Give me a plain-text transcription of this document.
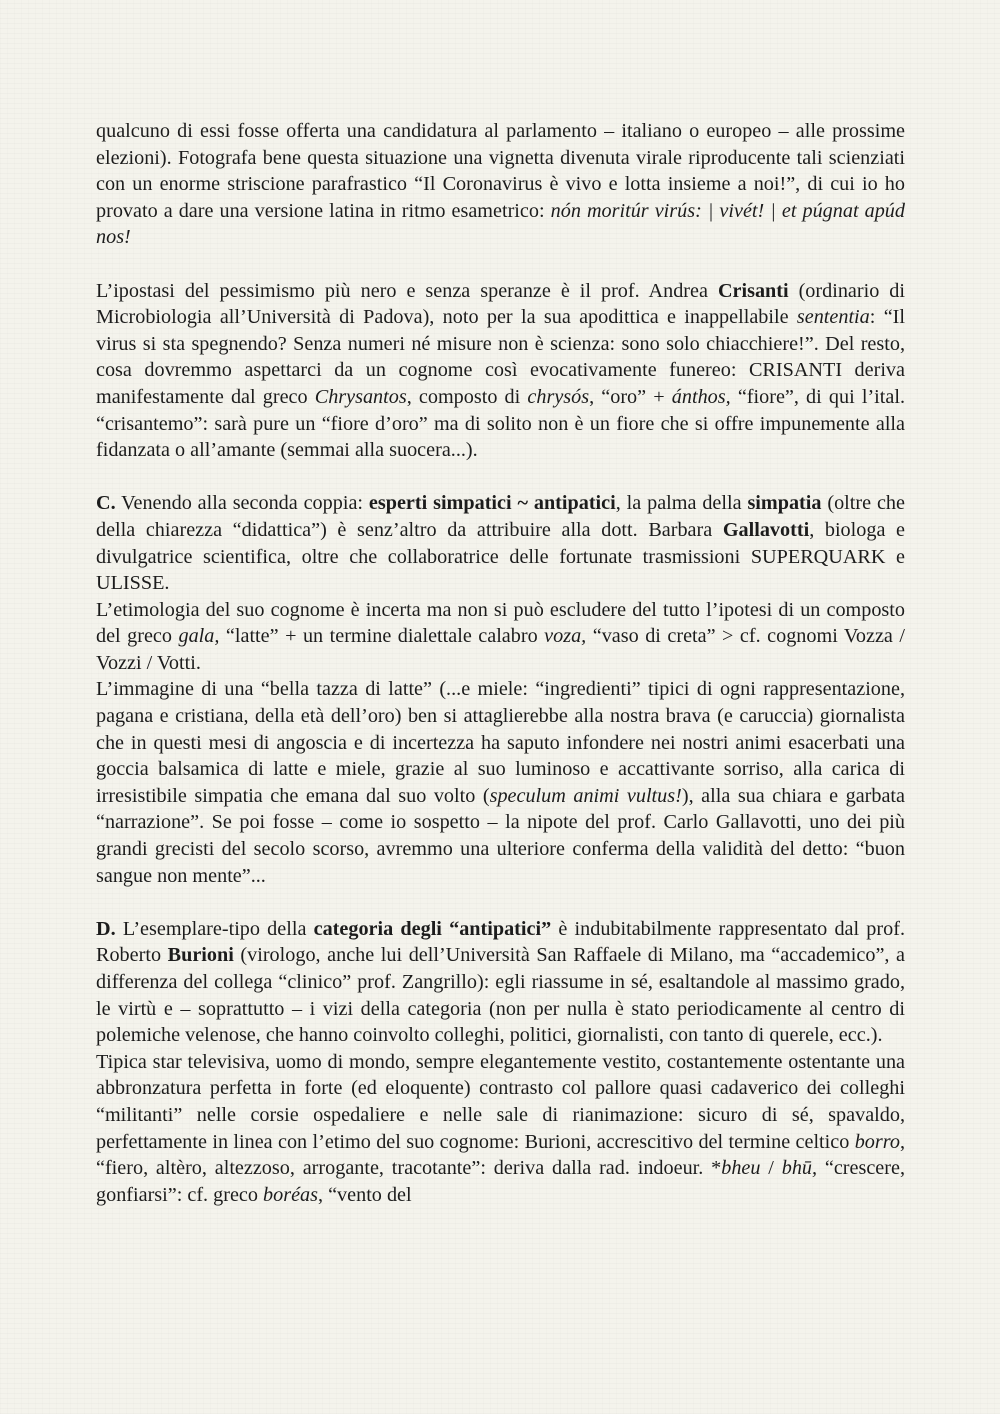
qualcuno di essi fosse offerta una candidatura al parlamento – italiano o europeo – alle prossime elezioni). Fotografa bene questa situazione una vignetta divenuta virale riproducente tali scienziati con un enorme striscione parafrastico “Il Coronavirus è vivo e lotta insieme a noi!”, di cui io ho provato a dare una versione latina in ritmo esametrico: nón moritúr virús: | vivét! | et púgnat apúd nos!

L’ipostasi del pessimismo più nero e senza speranze è il prof. Andrea Crisanti (ordinario di Microbiologia all’Università di Padova), noto per la sua apodittica e inappellabile sententia: “Il virus si sta spegnendo? Senza numeri né misure non è scienza: sono solo chiacchiere!”. Del resto, cosa dovremmo aspettarci da un cognome così evocativamente funereo: CRISANTI deriva manifestamente dal greco Chrysantos, composto di chrysós, “oro” + ánthos, “fiore”, di qui l’ital. “crisantemo”: sarà pure un “fiore d’oro” ma di solito non è un fiore che si offre impunemente alla fidanzata o all’amante (semmai alla suocera...).

C. Venendo alla seconda coppia: esperti simpatici ~ antipatici, la palma della simpatia (oltre che della chiarezza “didattica”) è senz’altro da attribuire alla dott. Barbara Gallavotti, biologa e divulgatrice scientifica, oltre che collaboratrice delle fortunate trasmissioni SUPERQUARK e ULISSE.

L’etimologia del suo cognome è incerta ma non si può escludere del tutto l’ipotesi di un composto del greco gala, “latte” + un termine dialettale calabro voza, “vaso di creta” > cf. cognomi Vozza / Vozzi / Votti.

L’immagine di una “bella tazza di latte” (...e miele: “ingredienti” tipici di ogni rappresentazione, pagana e cristiana, della età dell’oro) ben si attaglierebbe alla nostra brava (e caruccia) giornalista che in questi mesi di angoscia e di incertezza ha saputo infondere nei nostri animi esacerbati una goccia balsamica di latte e miele, grazie al suo luminoso e accattivante sorriso, alla carica di irresistibile simpatia che emana dal suo volto (speculum animi vultus!), alla sua chiara e garbata “narrazione”. Se poi fosse – come io sospetto – la nipote del prof. Carlo Gallavotti, uno dei più grandi grecisti del secolo scorso, avremmo una ulteriore conferma della validità del detto: “buon sangue non mente”...

D. L’esemplare-tipo della categoria degli “antipatici” è indubitabilmente rappresentato dal prof. Roberto Burioni (virologo, anche lui dell’Università San Raffaele di Milano, ma “accademico”, a differenza del collega “clinico” prof. Zangrillo): egli riassume in sé, esaltandole al massimo grado, le virtù e – soprattutto – i vizi della categoria (non per nulla è stato periodicamente al centro di polemiche velenose, che hanno coinvolto colleghi, politici, giornalisti, con tanto di querele, ecc.).

Tipica star televisiva, uomo di mondo, sempre elegantemente vestito, costantemente ostentante una abbronzatura perfetta in forte (ed eloquente) contrasto col pallore quasi cadaverico dei colleghi “militanti” nelle corsie ospedaliere e nelle sale di rianimazione: sicuro di sé, spavaldo, perfettamente in linea con l’etimo del suo cognome: Burioni, accrescitivo del termine celtico borro, “fiero, altèro, altezzoso, arrogante, tracotante”: deriva dalla rad. indoeur. *bheu / bhū, “crescere, gonfiarsi”: cf. greco boréas, “vento del
